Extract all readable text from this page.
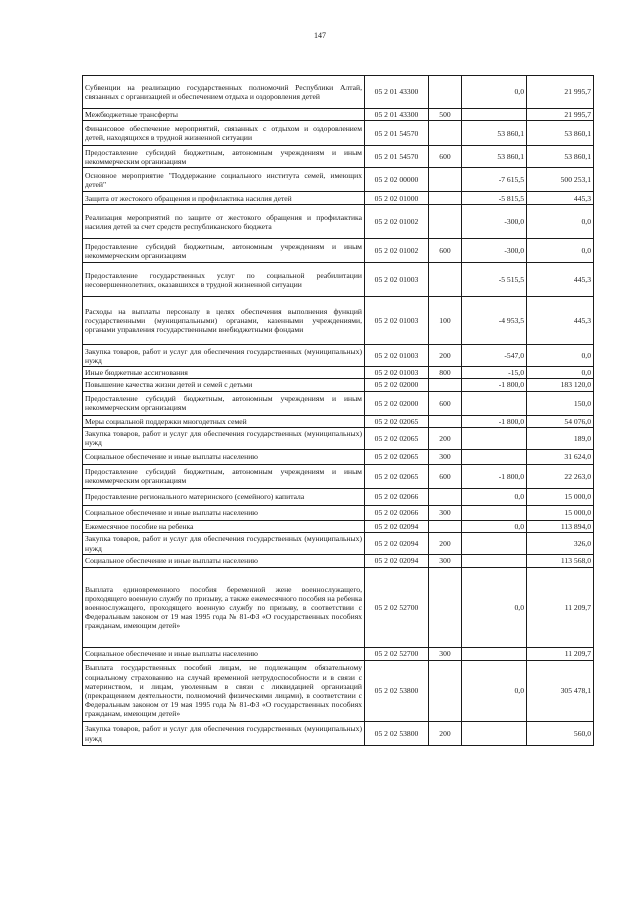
147
Субвенции на реализацию государственных полномочий Республики Алтай, связанных с организацией и обеспечением отдыха и оздоровления детей	05 2 01 43300		0,0	21 995,7
Межбюджетные трансферты	05 2 01 43300	500		21 995,7
Финансовое обеспечение мероприятий, связанных с отдыхом и оздоровлением детей, находящихся в трудной жизненной ситуации	05 2 01 54570		53 860,1	53 860,1
Предоставление субсидий бюджетным, автономным учреждениям и иным некоммерческим организациям	05 2 01 54570	600	53 860,1	53 860,1
Основное мероприятие "Поддержание социального института семей, имеющих детей"	05 2 02 00000		-7 615,5	500 253,1
Защита от жестокого обращения и профилактика насилия детей	05 2 02 01000		-5 815,5	445,3
Реализация мероприятий по защите от жестокого обращения и профилактика насилия детей за счет средств республиканского бюджета	05 2 02 01002		-300,0	0,0
Предоставление субсидий бюджетным, автономным учреждениям и иным некоммерческим организациям	05 2 02 01002	600	-300,0	0,0
Предоставление государственных услуг по социальной реабилитации несовершеннолетних, оказавшихся в трудной жизненной ситуации	05 2 02 01003		-5 515,5	445,3
Расходы на выплаты персоналу в целях обеспечения выполнения функций государственными (муниципальными) органами, казенными учреждениями, органами управления государственными внебюджетными фондами	05 2 02 01003	100	-4 953,5	445,3
Закупка товаров, работ и услуг для обеспечения государственных (муниципальных) нужд	05 2 02 01003	200	-547,0	0,0
Иные бюджетные ассигнования	05 2 02 01003	800	-15,0	0,0
Повышение качества жизни детей и семей с детьми	05 2 02 02000		-1 800,0	183 120,0
Предоставление субсидий бюджетным, автономным учреждениям и иным некоммерческим организациям	05 2 02 02000	600		150,0
Меры социальной поддержки многодетных семей	05 2 02 02065		-1 800,0	54 076,0
Закупка товаров, работ и услуг для обеспечения государственных (муниципальных) нужд	05 2 02 02065	200		189,0
Социальное обеспечение и иные выплаты населению	05 2 02 02065	300		31 624,0
Предоставление субсидий бюджетным, автономным учреждениям и иным некоммерческим организациям	05 2 02 02065	600	-1 800,0	22 263,0
Предоставление регионального материнского (семейного) капитала	05 2 02 02066		0,0	15 000,0
Социальное обеспечение и иные выплаты населению	05 2 02 02066	300		15 000,0
Ежемесячное пособие на ребенка	05 2 02 02094		0,0	113 894,0
Закупка товаров, работ и услуг для обеспечения государственных (муниципальных) нужд	05 2 02 02094	200		326,0
Социальное обеспечение и иные выплаты населению	05 2 02 02094	300		113 568,0
Выплата единовременного пособия беременной жене военнослужащего, проходящего военную службу по призыву, а также ежемесячного пособия на ребенка военнослужащего, проходящего военную службу по призыву, в соответствии с Федеральным законом от 19 мая 1995 года № 81-ФЗ «О государственных пособиях гражданам, имеющим детей»	05 2 02 52700		0,0	11 209,7
Социальное обеспечение и иные выплаты населению	05 2 02 52700	300		11 209,7
Выплата государственных пособий лицам, не подлежащим обязательному социальному страхованию на случай временной нетрудоспособности и в связи с материнством, и лицам, уволенным в связи с ликвидацией организаций (прекращением деятельности, полномочий физическими лицами), в соответствии с Федеральным законом от 19 мая 1995 года № 81-ФЗ «О государственных пособиях гражданам, имеющим детей»	05 2 02 53800		0,0	305 478,1
Закупка товаров, работ и услуг для обеспечения государственных (муниципальных) нужд	05 2 02 53800	200		560,0
